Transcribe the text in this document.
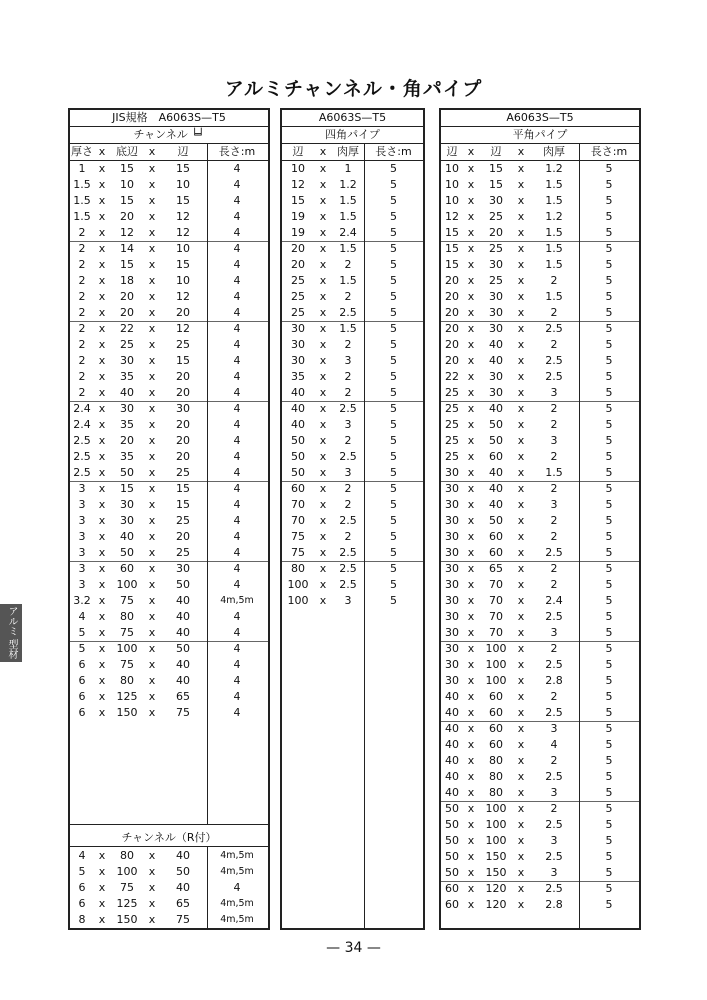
アルミチャンネル・角パイプ
JIS規格　A6063S—T5
チャンネル ╘╛
厚さ x 底辺 x	辺	長さ:m
1	x	15	x	15	4
1.5 x	10	x	10	4
1.5 x	15	x	15	4
1.5 x	20	x	12	4
2	x	12	x	12	4
2	x	14	x	10	4
2	x	15	x	15	4
2	x	18	x	10	4
2	x	20	x	12	4
2	x	20	x	20	4
2	x	22	x	12	4
2	x	25	x	25	4
2	x	30	x	15	4
2	x	35	x	20	4
2	x	40	x	20	4
2.4 x	30	x	30	4
2.4 x	35	x	20	4
2.5 x	20	x	20	4
2.5 x	35	x	20	4
2.5 x	50	x	25	4
3	x	15	x	15	4
3	x	30	x	15	4
3	x	30	x	25	4
3	x	40	x	20	4
3	x	50	x	25	4
3	x	60	x	30	4
3	x	100	x	50	4
3.2 x	75	x	40	4m,5m
4	x	80	x	40	4
5	x	75	x	40	4
5	x	100	x	50	4
6	x	75	x	40	4
6	x	80	x	40	4
6	x	125	x	65	4
6	x	150	x	75	4
チャンネル（R付）
4	x	80	x	40	4m,5m
5	x	100	x	50	4m,5m
6	x	75	x	40	4
6	x	125	x	65	4m,5m
8	x	150	x	75	4m,5m
A6063S—T5
四角パイプ
辺	x 肉厚	長さ:m
10	x	1	5
12	x	1.2	5
15	x	1.5	5
19	x	1.5	5
19	x	2.4	5
20	x	1.5	5
20	x	2	5
25	x	1.5	5
25	x	2	5
25	x	2.5	5
30	x	1.5	5
30	x	2	5
30	x	3	5
35	x	2	5
40	x	2	5
40	x	2.5	5
40	x	3	5
50	x	2	5
50	x	2.5	5
50	x	3	5
60	x	2	5
70	x	2	5
70	x	2.5	5
75	x	2	5
75	x	2.5	5
80	x	2.5	5
100	x	2.5	5
100	x	3	5
A6063S—T5
平角パイプ
辺 x	辺	x	肉厚	長さ:m
10 x	15	x	1.2	5
10 x	15	x	1.5	5
10 x	30	x	1.5	5
12 x	25	x	1.2	5
15 x	20	x	1.5	5
15 x	25	x	1.5	5
15 x	30	x	1.5	5
20 x	25	x	2	5
20 x	30	x	1.5	5
20 x	30	x	2	5
20 x	30	x	2.5	5
20 x	40	x	2	5
20 x	40	x	2.5	5
22 x	30	x	2.5	5
25 x	30	x	3	5
25 x	40	x	2	5
25 x	50	x	2	5
25 x	50	x	3	5
25 x	60	x	2	5
30 x	40	x	1.5	5
30 x	40	x	2	5
30 x	40	x	3	5
30 x	50	x	2	5
30 x	60	x	2	5
30 x	60	x	2.5	5
30 x	65	x	2	5
30 x	70	x	2	5
30 x	70	x	2.4	5
30 x	70	x	2.5	5
30 x	70	x	3	5
30 x	100	x	2	5
30 x	100	x	2.5	5
30 x	100	x	2.8	5
40 x	60	x	2	5
40 x	60	x	2.5	5
40 x	60	x	3	5
40 x	60	x	4	5
40 x	80	x	2	5
40 x	80	x	2.5	5
40 x	80	x	3	5
50 x	100	x	2	5
50 x	100	x	2.5	5
50 x	100	x	3	5
50 x	150	x	2.5	5
50 x	150	x	3	5
60 x	120	x	2.5	5
60 x	120	x	2.8	5
アルミ 型材
— 34 —
